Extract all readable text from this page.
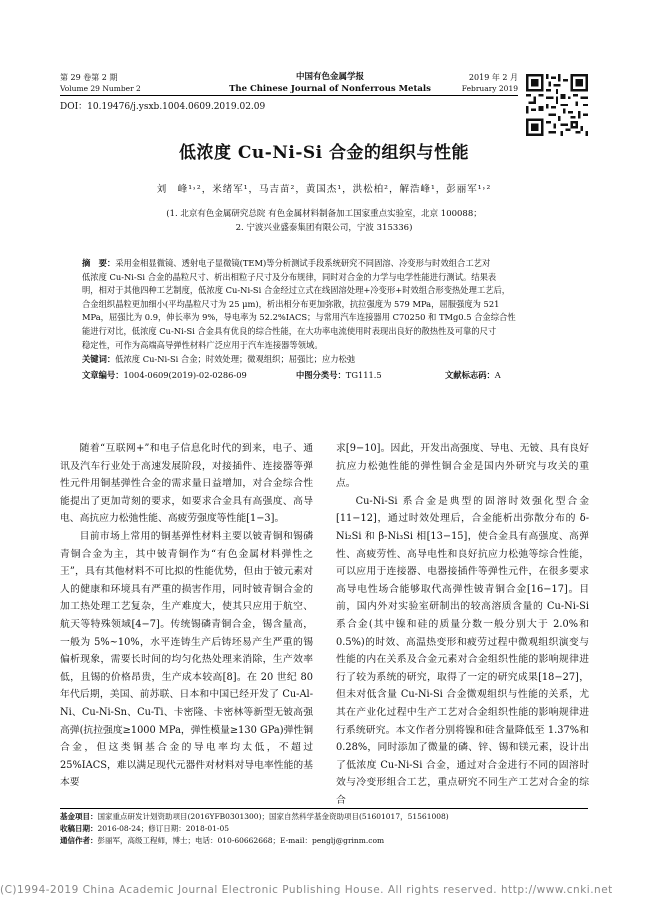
第 29 卷第 2 期
Volume 29 Number 2
中国有色金属学报
The Chinese Journal of Nonferrous Metals
2019 年 2 月
February 2019
DOI：10.19476/j.ysxb.1004.0609.2019.02.09
低浓度 Cu-Ni-Si 合金的组织与性能
刘　峰¹˒²，米绪军¹，马吉苗²，黄国杰¹，洪松柏²，解浩峰¹，彭丽军¹˒²
(1. 北京有色金属研究总院 有色金属材料制备加工国家重点实验室，北京 100088；
2. 宁波兴业盛泰集团有限公司，宁波 315336)
摘　要：采用金相显微镜、透射电子显微镜(TEM)等分析测试手段系统研究不同固溶、冷变形与时效组合工艺对
低浓度 Cu-Ni-Si 合金的晶粒尺寸、析出相粒子尺寸及分布规律，同时对合金的力学与电学性能进行测试。结果表
明，相对于其他四种工艺制度，低浓度 Cu-Ni-Si 合金经过立式在线固溶处理+冷变形+时效组合形变热处理工艺后，
合金组织晶粒更加细小(平均晶粒尺寸为 25 μm)，析出相分布更加弥散，抗拉强度为 579 MPa，屈服强度为 521
MPa，屈强比为 0.9，伸长率为 9%，导电率为 52.2%IACS；与常用汽车连接器用 C70250 和 TMg0.5 合金综合性
能进行对比，低浓度 Cu-Ni-Si 合金具有优良的综合性能，在大功率电流使用时表现出良好的散热性及可靠的尺寸
稳定性，可作为高端高导弹性材料广泛应用于汽车连接器等领域。
关键词：低浓度 Cu-Ni-Si 合金；时效处理；微观组织；屈强比；应力松弛
文章编号：1004-0609(2019)-02-0286-09	中图分类号：TG111.5	文献标志码：A

随着“互联网+”和电子信息化时代的到来，电子、通讯及汽车行业处于高速发展阶段，对接插件、连接器等弹性元件用铜基弹性合金的需求量日益增加，对合金综合性能提出了更加苛刻的要求，如要求合金具有高强度、高导电、高抗应力松弛性能、高疲劳强度等性能[1−3]。

目前市场上常用的铜基弹性材料主要以铍青铜和锡磷青铜合金为主，其中铍青铜作为“有色金属材料弹性之王”，具有其他材料不可比拟的性能优势，但由于铍元素对人的健康和环境具有严重的损害作用，同时铍青铜合金的加工热处理工艺复杂，生产难度大，使其只应用于航空、航天等特殊领域[4−7]。传统锡磷青铜合金，锡含量高，一般为 5%~10%，水平连铸生产后铸坯易产生严重的锡偏析现象，需要长时间的均匀化热处理来消除，生产效率低，且锡的价格昂贵，生产成本较高[8]。在 20 世纪 80 年代后期，美国、前苏联、日本和中国已经开发了 Cu-Al-Ni、Cu-Ni-Sn、Cu-Ti、卡密隆、卡密林等新型无铍高强高弹(抗拉强度≥1000 MPa，弹性模量≥130 GPa)弹性铜合金，但这类铜基合金的导电率均太低，不超过 25%IACS，难以满足现代元器件对材料对导电率性能的基本要

求[9−10]。因此，开发出高强度、导电、无铍、具有良好抗应力松弛性能的弹性铜合金是国内外研究与攻关的重点。

Cu-Ni-Si 系合金是典型的固溶时效强化型合金[11−12]，通过时效处理后，合金能析出弥散分布的 δ-Ni₂Si 和 β-Ni₃Si 相[13−15]，使合金具有高强度、高弹性、高疲劳性、高导电性和良好抗应力松弛等综合性能，可以应用于连接器、电器接插件等弹性元件，在很多要求高导电性场合能够取代高弹性铍青铜合金[16−17]。目前，国内外对实验室研制出的较高溶质含量的 Cu-Ni-Si 系合金(其中镍和硅的质量分数一般分别大于 2.0%和 0.5%)的时效、高温热变形和疲劳过程中微观组织演变与性能的内在关系及合金元素对合金组织性能的影响规律进行了较为系统的研究，取得了一定的研究成果[18−27]，但未对低含量 Cu-Ni-Si 合金微观组织与性能的关系，尤其在产业化过程中生产工艺对合金组织性能的影响规律进行系统研究。本文作者分别将镍和硅含量降低至 1.37%和 0.28%，同时添加了微量的磷、锌、锡和镁元素，设计出了低浓度 Cu-Ni-Si 合金，通过对合金进行不同的固溶时效与冷变形组合工艺，重点研究不同生产工艺对合金的综合

基金项目：国家重点研发计划资助项目(2016YFB0301300)；国家自然科学基金资助项目(51601017，51561008)
收稿日期：2016-08-24；修订日期：2018-01-05
通信作者：彭丽军，高级工程师，博士；电话：010-60662668；E-mail：penglj@grinm.com
(C)1994-2019 China Academic Journal Electronic Publishing House. All rights reserved. http://www.cnki.net
